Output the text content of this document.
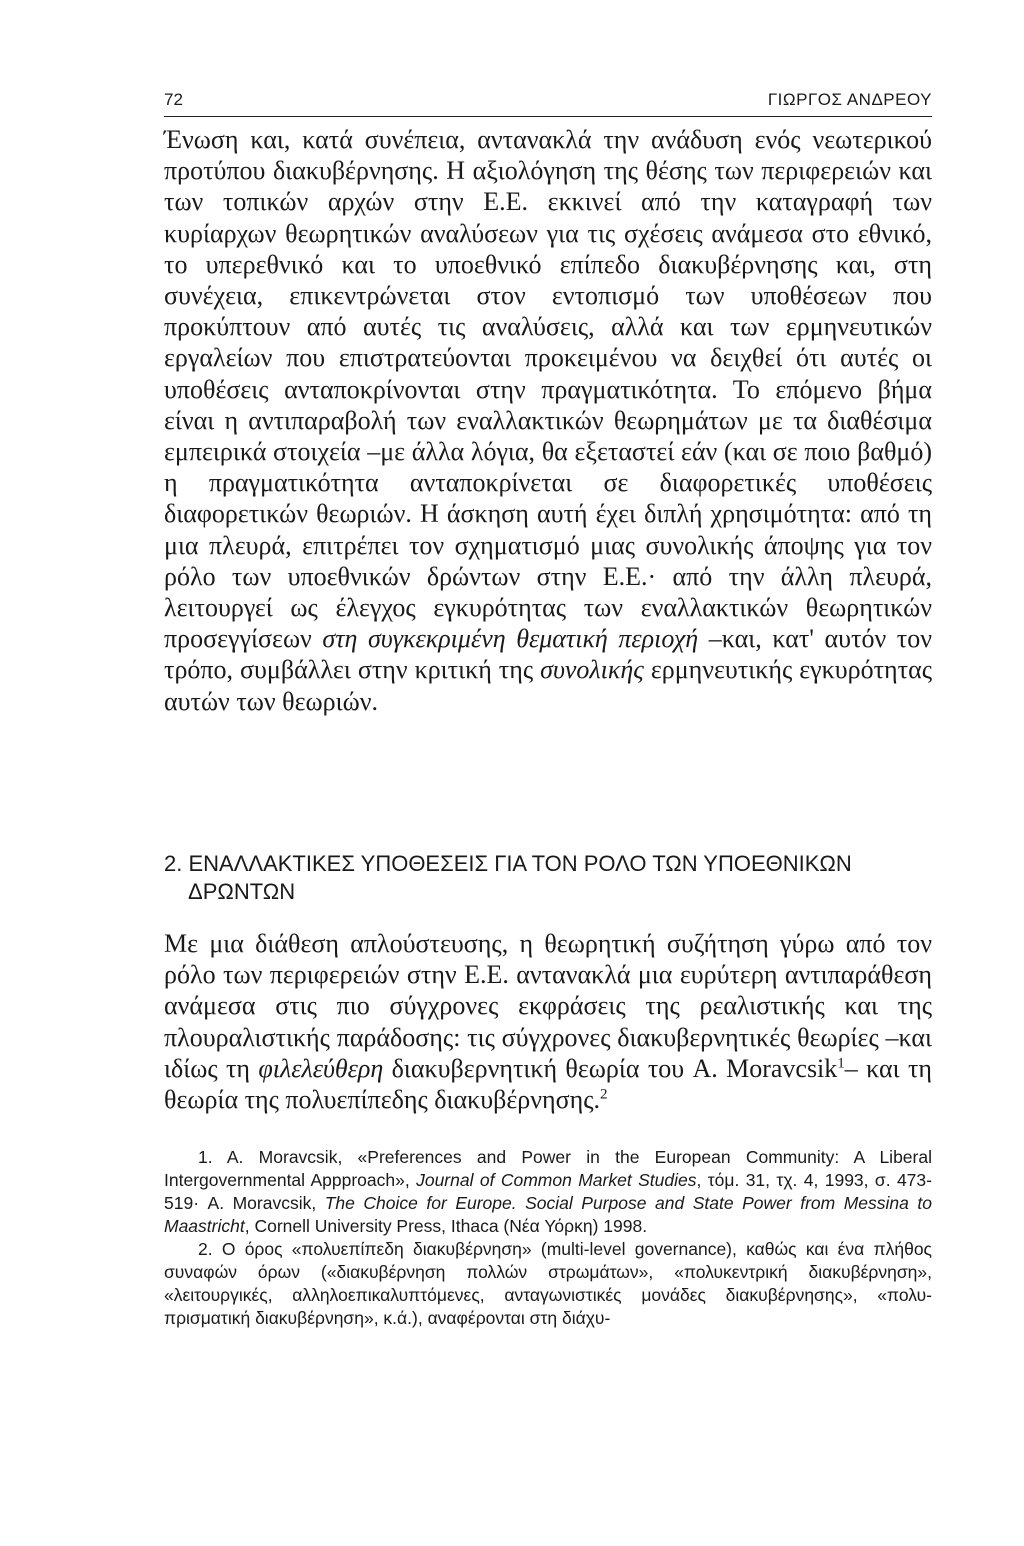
72	ΓΙΩΡΓΟΣ ΑΝΔΡΕΟΥ

Ένωση και, κατά συνέπεια, αντανακλά την ανάδυση ενός νεωτερικού προτύπου διακυβέρνησης. Η αξιολόγηση της θέσης των περιφερειών και των τοπικών αρχών στην Ε.Ε. εκκινεί από την καταγραφή των κυρίαρχων θεωρητικών αναλύσεων για τις σχέσεις ανάμεσα στο εθνικό, το υπερεθνικό και το υποεθνικό επίπεδο διακυβέρνησης και, στη συνέχεια, επικεντρώνεται στον εντοπισμό των υποθέσεων που προκύπτουν από αυτές τις αναλύσεις, αλλά και των ερμηνευτικών εργαλείων που επιστρατεύονται προκειμένου να δειχθεί ότι αυτές οι υποθέσεις ανταποκρίνονται στην πραγματικότητα. Το επόμενο βήμα είναι η αντιπαραβολή των εναλλακτικών θεωρημάτων με τα διαθέσιμα εμπειρικά στοιχεία –με άλλα λόγια, θα εξεταστεί εάν (και σε ποιο βαθμό) η πραγματικότητα ανταποκρίνεται σε διαφορετικές υποθέσεις διαφορετικών θεωριών. Η άσκηση αυτή έχει διπλή χρησιμότητα: από τη μια πλευρά, επιτρέπει τον σχηματισμό μιας συνολικής άποψης για τον ρόλο των υποεθνικών δρώντων στην Ε.Ε.· από την άλλη πλευρά, λειτουργεί ως έλεγχος εγκυρότητας των εναλλακτικών θεωρητικών προσεγγίσεων στη συγκεκριμένη θεματική περιοχή –και, κατ' αυτόν τον τρόπο, συμβάλλει στην κριτική της συνολικής ερμηνευτικής εγκυρότητας αυτών των θεωριών.

2. ΕΝΑΛΛΑΚΤΙΚΕΣ ΥΠΟΘΕΣΕΙΣ ΓΙΑ ΤΟΝ ΡΟΛΟ ΤΩΝ ΥΠΟΕΘΝΙΚΩΝ
ΔΡΩΝΤΩΝ

Με μια διάθεση απλούστευσης, η θεωρητική συζήτηση γύρω από τον ρόλο των περιφερειών στην Ε.Ε. αντανακλά μια ευρύτερη αντιπαράθεση ανάμεσα στις πιο σύγχρονες εκφράσεις της ρεαλιστικής και της πλουραλιστικής παράδοσης: τις σύγχρονες διακυβερνητικές θεωρίες –και ιδίως τη φιλελεύθερη διακυβερνητική θεωρία του A. Moravcsik$^1$– και τη θεωρία της πολυεπίπεδης διακυβέρνησης.$^2$

1. A. Moravcsik, «Preferences and Power in the European Community: A Liberal Intergovernmental Appproach», Journal of Common Market Studies, τόμ. 31, τχ. 4, 1993, σ. 473-519· A. Moravcsik, The Choice for Europe. Social Purpose and State Power from Messina to Maastricht, Cornell University Press, Ithaca (Νέα Υόρκη) 1998.

2. O όρος «πολυεπίπεδη διακυβέρνηση» (multi-level governance), καθώς και ένα πλήθος συναφών όρων («διακυβέρνηση πολλών στρωμάτων», «πολυκεντρική διακυβέρνηση», «λειτουργικές, αλληλοεπικαλυπτόμενες, ανταγωνιστικές μονάδες διακυβέρνησης», «πολυ-πρισματική διακυβέρνηση», κ.ά.), αναφέρονται στη διάχυ-
